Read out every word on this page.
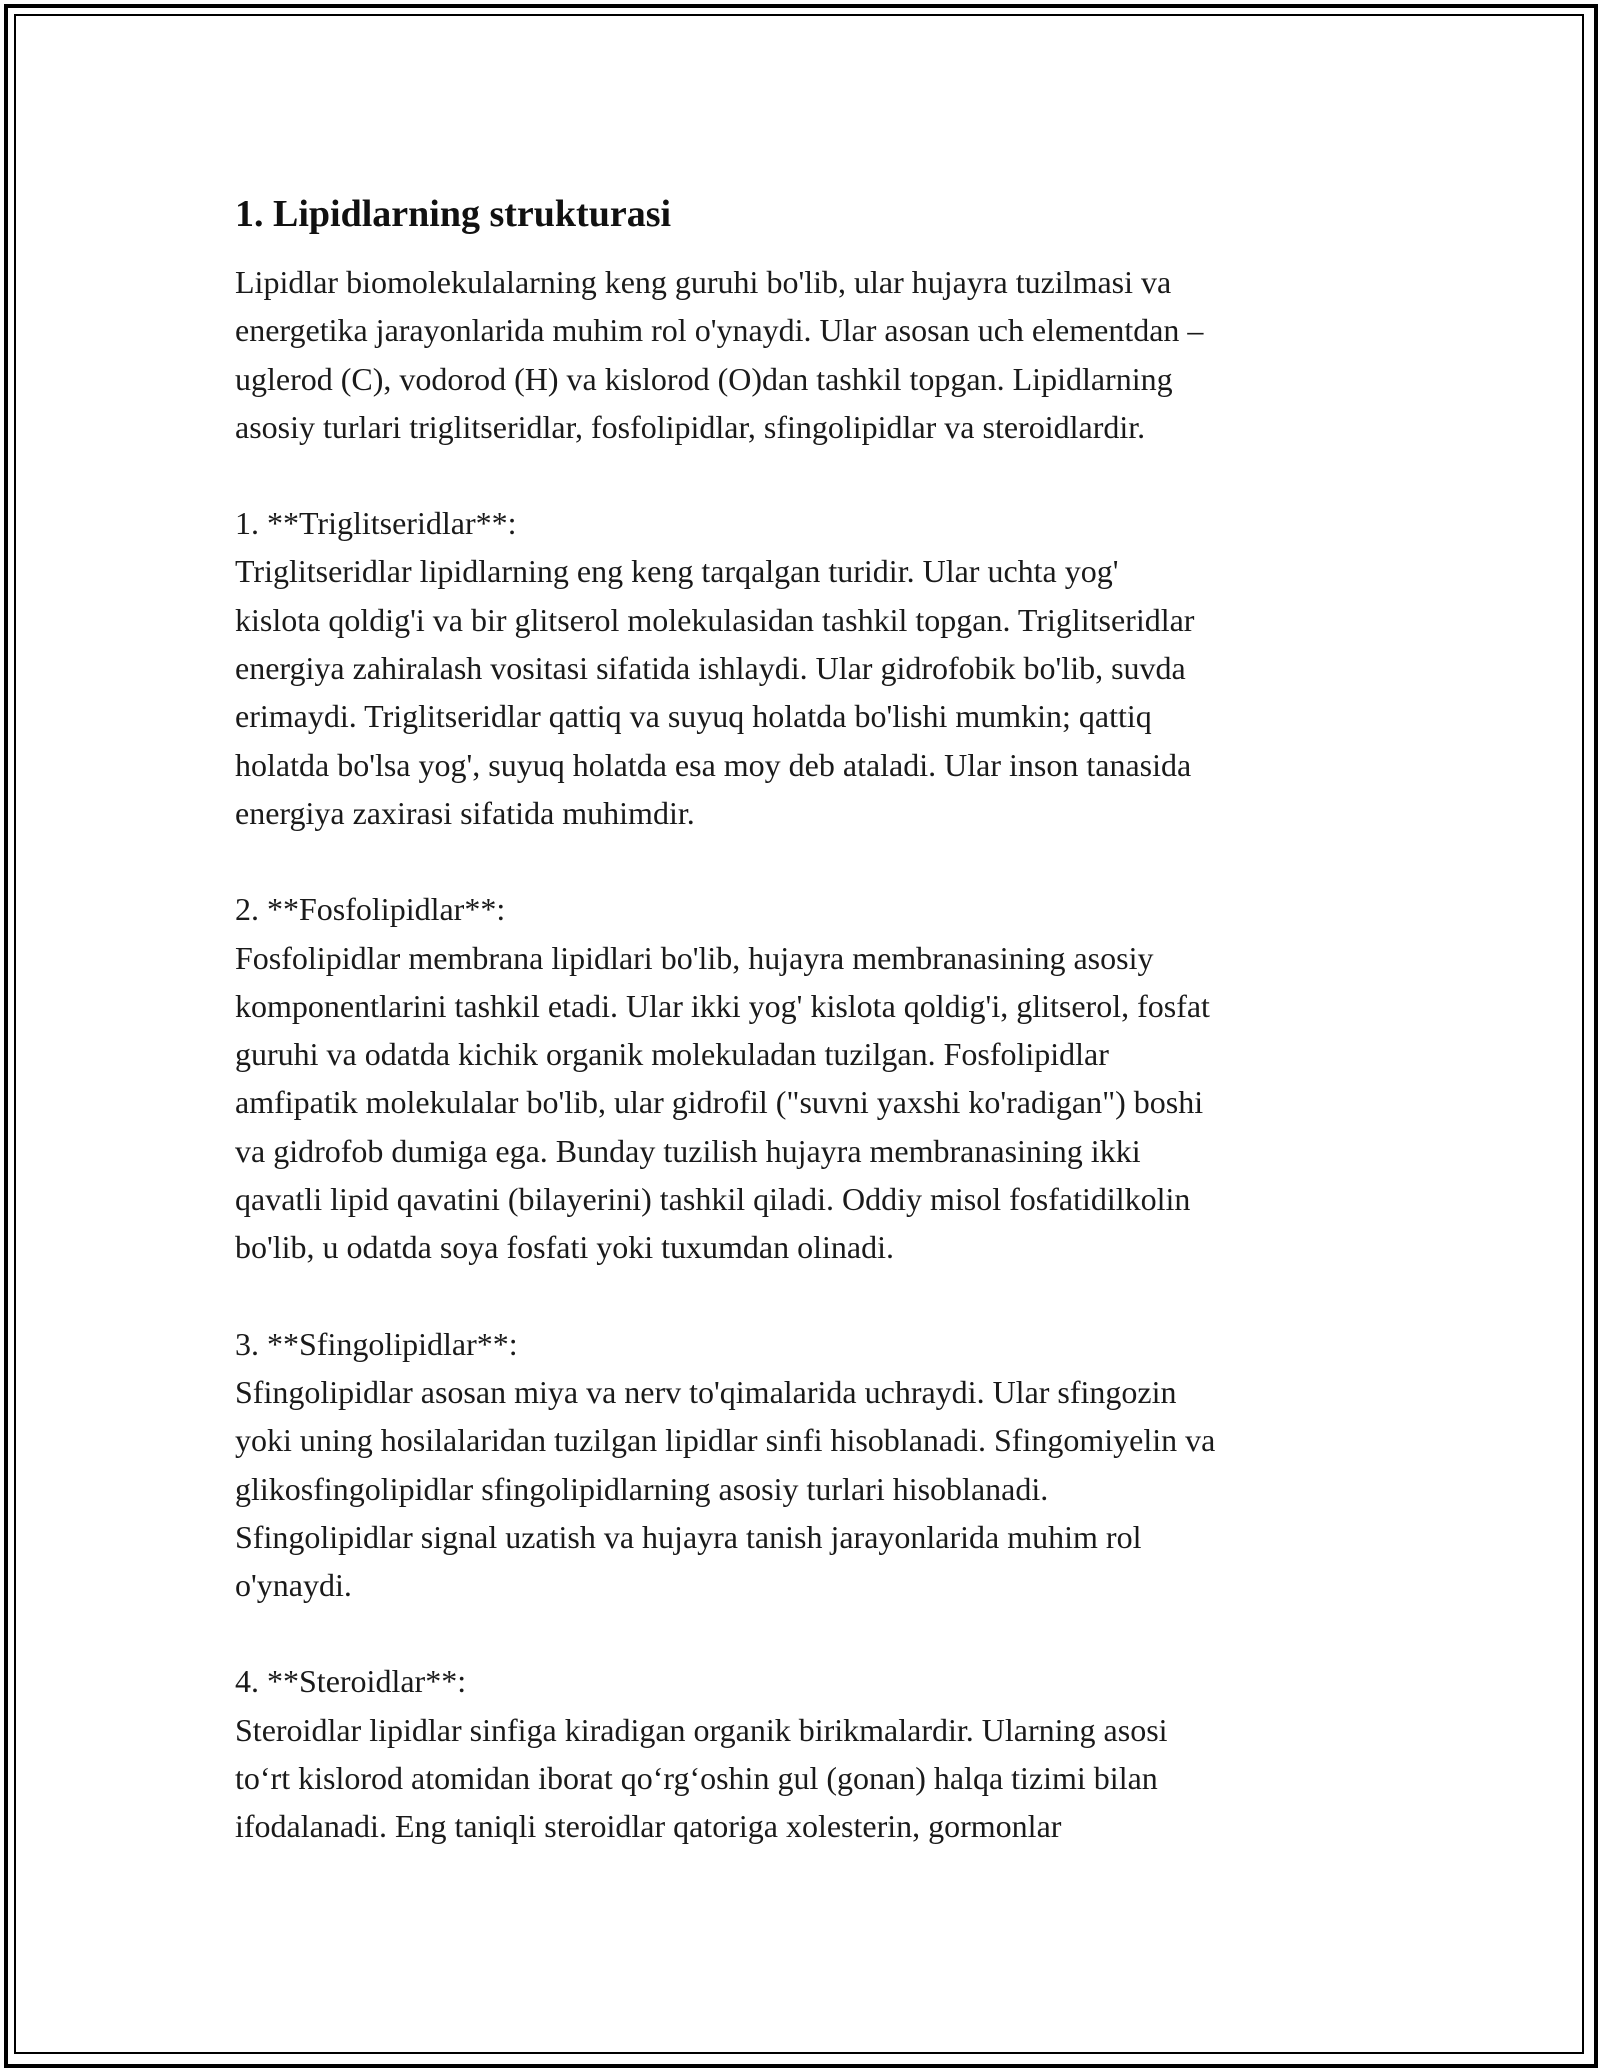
1. Lipidlarning strukturasi

Lipidlar biomolekulalarning keng guruhi bo'lib, ular hujayra tuzilmasi va
energetika jarayonlarida muhim rol o'ynaydi. Ular asosan uch elementdan –
uglerod (C), vodorod (H) va kislorod (O)dan tashkil topgan. Lipidlarning
asosiy turlari triglitseridlar, fosfolipidlar, sfingolipidlar va steroidlardir.

1. **Triglitseridlar**:

Triglitseridlar lipidlarning eng keng tarqalgan turidir. Ular uchta yog'
kislota qoldig'i va bir glitserol molekulasidan tashkil topgan. Triglitseridlar
energiya zahiralash vositasi sifatida ishlaydi. Ular gidrofobik bo'lib, suvda
erimaydi. Triglitseridlar qattiq va suyuq holatda bo'lishi mumkin; qattiq
holatda bo'lsa yog', suyuq holatda esa moy deb ataladi. Ular inson tanasida
energiya zaxirasi sifatida muhimdir.

2. **Fosfolipidlar**:

Fosfolipidlar membrana lipidlari bo'lib, hujayra membranasining asosiy
komponentlarini tashkil etadi. Ular ikki yog' kislota qoldig'i, glitserol, fosfat
guruhi va odatda kichik organik molekuladan tuzilgan. Fosfolipidlar
amfipatik molekulalar bo'lib, ular gidrofil ("suvni yaxshi ko'radigan") boshi
va gidrofob dumiga ega. Bunday tuzilish hujayra membranasining ikki
qavatli lipid qavatini (bilayerini) tashkil qiladi. Oddiy misol fosfatidilkolin
bo'lib, u odatda soya fosfati yoki tuxumdan olinadi.

3. **Sfingolipidlar**:

Sfingolipidlar asosan miya va nerv to'qimalarida uchraydi. Ular sfingozin
yoki uning hosilalaridan tuzilgan lipidlar sinfi hisoblanadi. Sfingomiyelin va
glikosfingolipidlar sfingolipidlarning asosiy turlari hisoblanadi.
Sfingolipidlar signal uzatish va hujayra tanish jarayonlarida muhim rol
o'ynaydi.

4. **Steroidlar**:

Steroidlar lipidlar sinfiga kiradigan organik birikmalardir. Ularning asosi
to‘rt kislorod atomidan iborat qo‘rg‘oshin gul (gonan) halqa tizimi bilan
ifodalanadi. Eng taniqli steroidlar qatoriga xolesterin, gormonlar
